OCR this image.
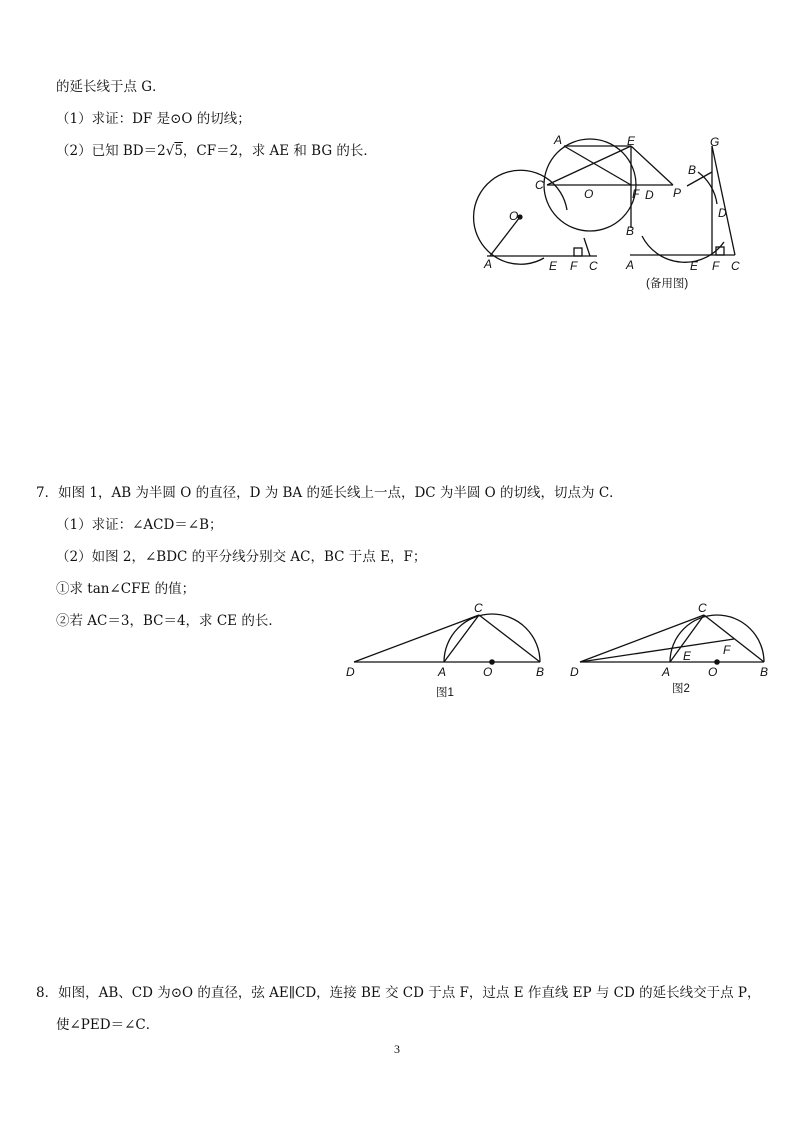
的延长线于点 G．
（1）求证：DF 是⊙O 的切线；
（2）已知 BD＝2√5，CF＝2，求 AE 和 BG 的长．
A
O
E F C
A	E
C
O	F D
B
P
G
B
D
A	E F C
(备用图)
7．如图 1，AB 为半圆 O 的直径，D 为 BA 的延长线上一点，DC 为半圆 O 的切线，切点为 C．
（1）求证：∠ACD＝∠B；
（2）如图 2，∠BDC 的平分线分别交 AC，BC 于点 E，F；
①求 tan∠CFE 的值；
②若 AC＝3，BC＝4，求 CE 的长．
C
D	A	O	B
图1
C
E	F
D	A	O	B
图2
8．如图，AB、CD 为⊙O 的直径，弦 AE∥CD，连接 BE 交 CD 于点 F，过点 E 作直线 EP 与 CD 的延长线交于点 P，
使∠PED＝∠C．
3
